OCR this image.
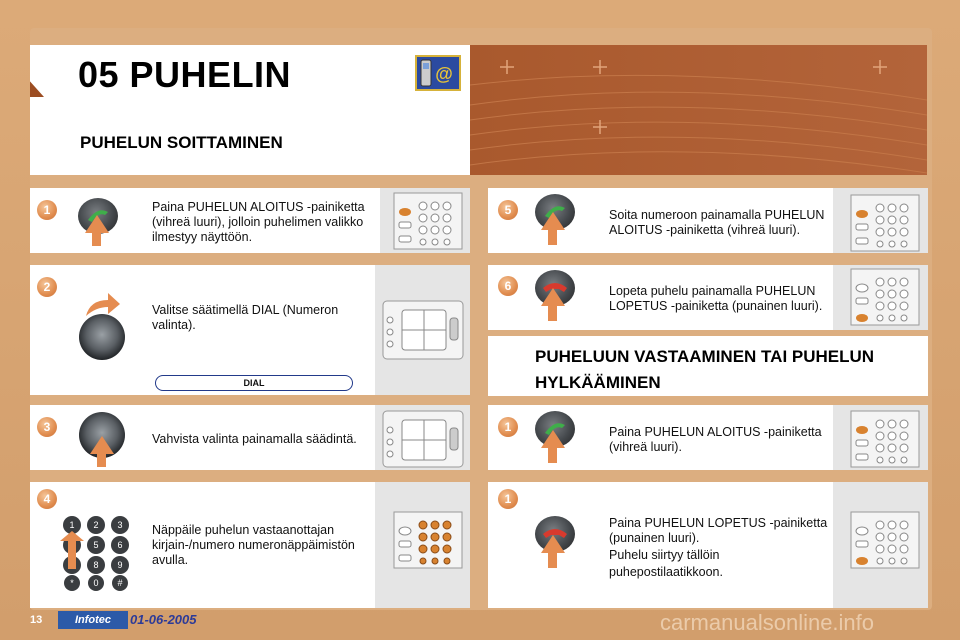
05 PUHELIN	@
PUHELUN SOITTAMINEN
1	Paina PUHELUN ALOITUS -painiketta
(vihreä luuri), jolloin puhelimen valikko
ilmestyy näyttöön.
2
Valitse säätimellä DIAL (Numeron
valinta).
DIAL
3
Vahvista valinta painamalla säädintä.
4
1 2 3
5 6
8 9
* 0 #
Näppäile puhelun vastaanottajan
kirjain-/numero numeronäppäimistön
avulla.
5	Soita numeroon painamalla PUHELUN
ALOITUS -painiketta (vihreä luuri).
6	Lopeta puhelu painamalla PUHELUN
LOPETUS -painiketta (punainen luuri).
PUHELUUN VASTAAMINEN TAI PUHELUN
HYLKÄÄMINEN
1	Paina PUHELUN ALOITUS -painiketta
(vihreä luuri).
1
Paina PUHELUN LOPETUS -painiketta
(punainen luuri).
Puhelu siirtyy tällöin
puhepostilaatikkoon.
13	Infotec	01-06-2005	carmanualsonline.info
